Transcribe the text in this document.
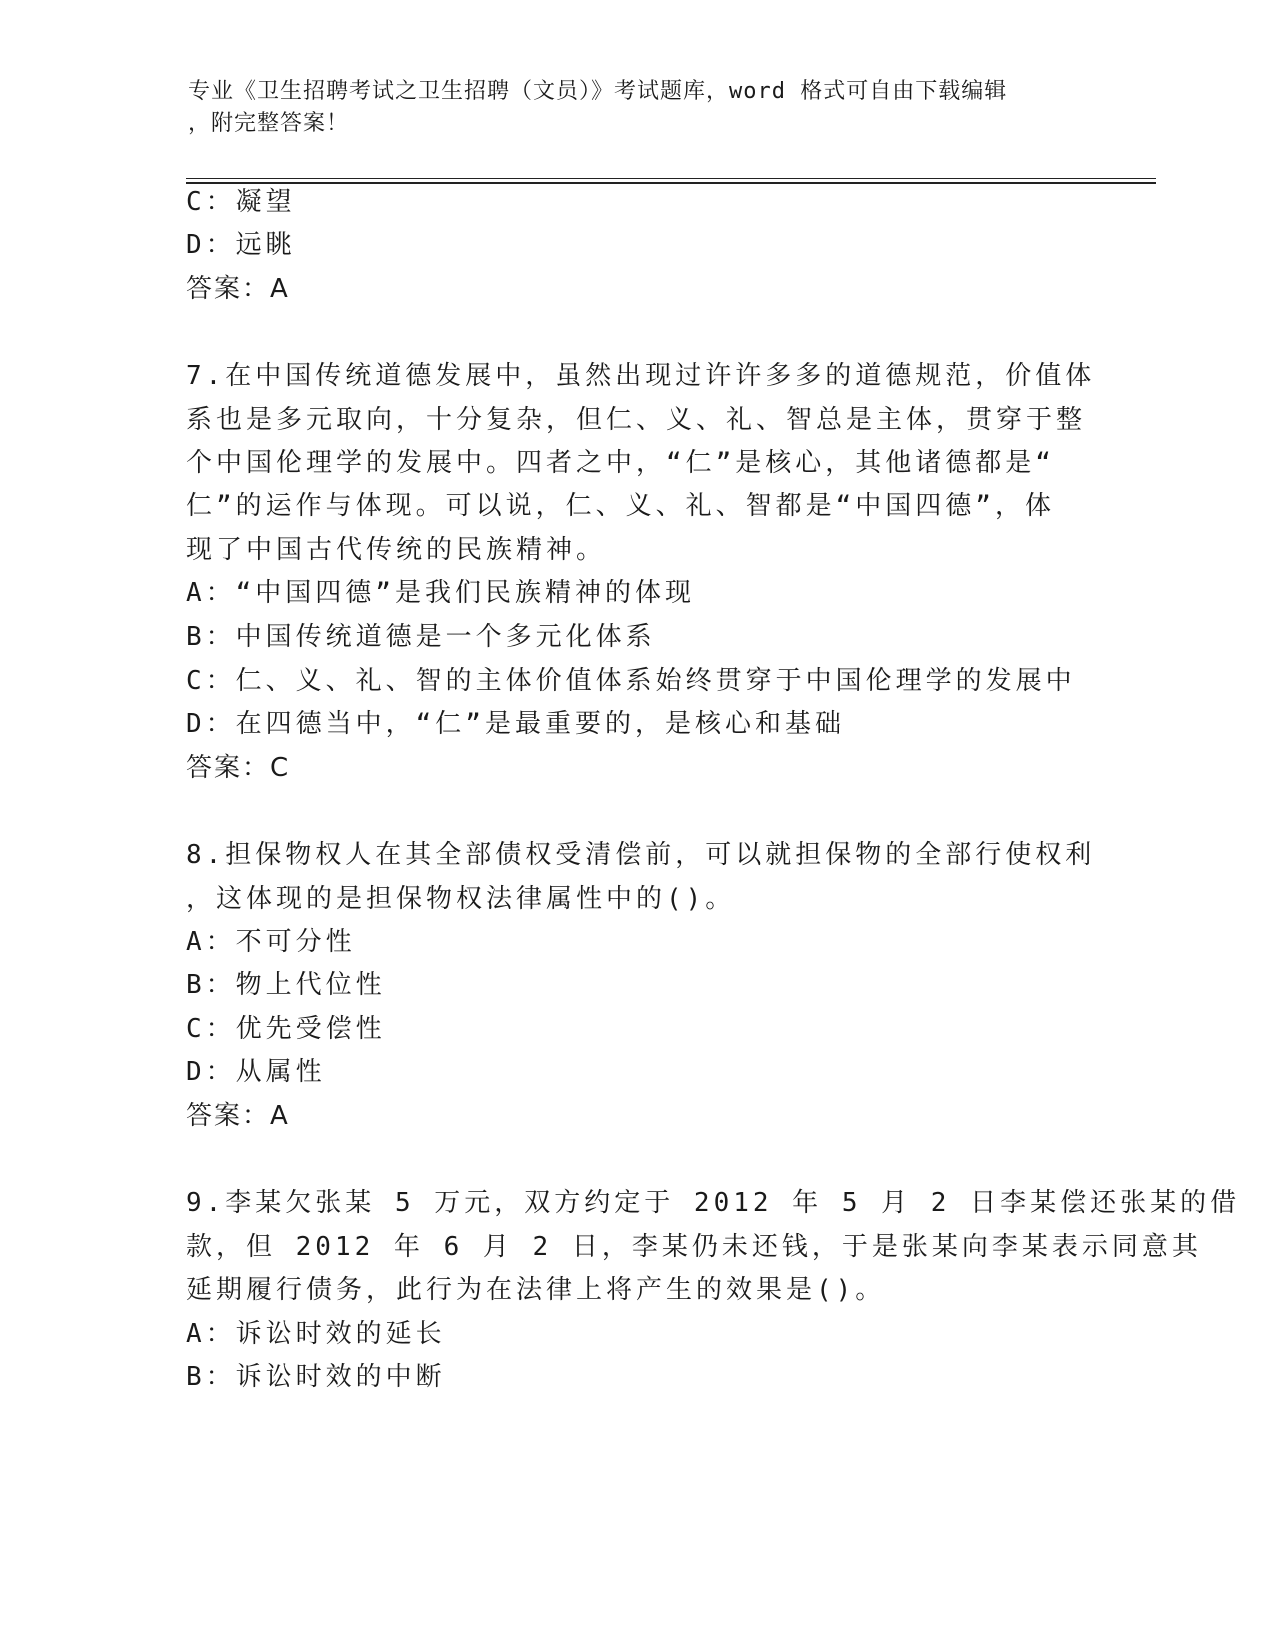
专业《卫生招聘考试之卫生招聘（文员）》考试题库，word 格式可自由下载编辑
，附完整答案！
C：凝望
D：远眺
答案：A
7.在中国传统道德发展中，虽然出现过许许多多的道德规范，价值体
系也是多元取向，十分复杂，但仁、义、礼、智总是主体，贯穿于整
个中国伦理学的发展中。四者之中，“仁”是核心，其他诸德都是“
仁”的运作与体现。可以说，仁、义、礼、智都是“中国四德”，体
现了中国古代传统的民族精神。
A：“中国四德”是我们民族精神的体现
B：中国传统道德是一个多元化体系
C：仁、义、礼、智的主体价值体系始终贯穿于中国伦理学的发展中
D：在四德当中，“仁”是最重要的，是核心和基础
答案：C
8.担保物权人在其全部债权受清偿前，可以就担保物的全部行使权利
，这体现的是担保物权法律属性中的()。
A：不可分性
B：物上代位性
C：优先受偿性
D：从属性
答案：A
9.李某欠张某 5 万元，双方约定于 2012 年 5 月 2 日李某偿还张某的借
款，但 2012 年 6 月 2 日，李某仍未还钱，于是张某向李某表示同意其
延期履行债务，此行为在法律上将产生的效果是()。
A：诉讼时效的延长
B：诉讼时效的中断
